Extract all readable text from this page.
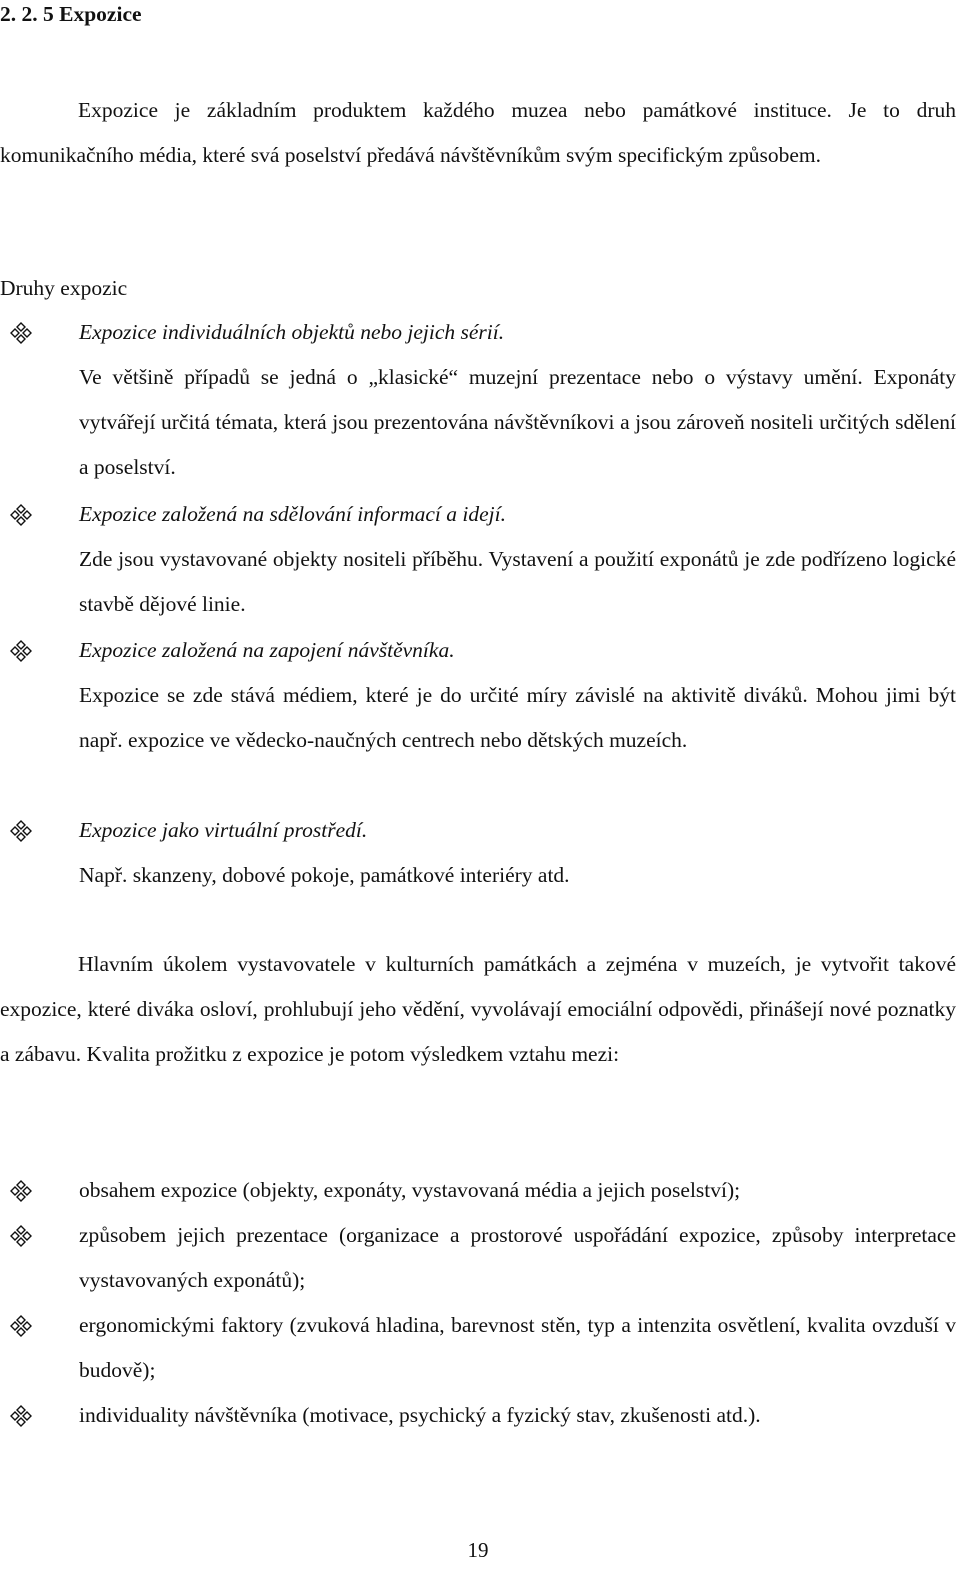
2. 2. 5 Expozice

Expozice je základním produktem každého muzea nebo památkové instituce. Je to druh komunikačního média, které svá poselství předává návštěvníkům svým specifickým způsobem.

Druhy expozic

Expozice individuálních objektů nebo jejich sérií.

Ve většině případů se jedná o „klasické“ muzejní prezentace nebo o výstavy umění. Exponáty vytvářejí určitá témata, která jsou prezentována návštěvníkovi a jsou zároveň nositeli určitých sdělení a poselství.

Expozice založená na sdělování informací a idejí.

Zde jsou vystavované objekty nositeli příběhu. Vystavení a použití exponátů je zde podřízeno logické stavbě dějové linie.

Expozice založená na zapojení návštěvníka.

Expozice se zde stává médiem, které je do určité míry závislé na aktivitě diváků. Mohou jimi být např. expozice ve vědecko-naučných centrech nebo dětských muzeích.

Expozice jako virtuální prostředí.

Např. skanzeny, dobové pokoje, památkové interiéry atd.

Hlavním úkolem vystavovatele v kulturních památkách a zejména v muzeích, je vytvořit takové expozice, které diváka osloví, prohlubují jeho vědění, vyvolávají emociální odpovědi, přinášejí nové poznatky a zábavu. Kvalita prožitku z expozice je potom výsledkem vztahu mezi:

obsahem expozice (objekty, exponáty, vystavovaná média a jejich poselství);

způsobem jejich prezentace (organizace a prostorové uspořádání expozice, způsoby interpretace vystavovaných exponátů);

ergonomickými faktory (zvuková hladina, barevnost stěn, typ a intenzita osvětlení, kvalita ovzduší v budově);

individuality návštěvníka (motivace, psychický a fyzický stav, zkušenosti atd.).

19
